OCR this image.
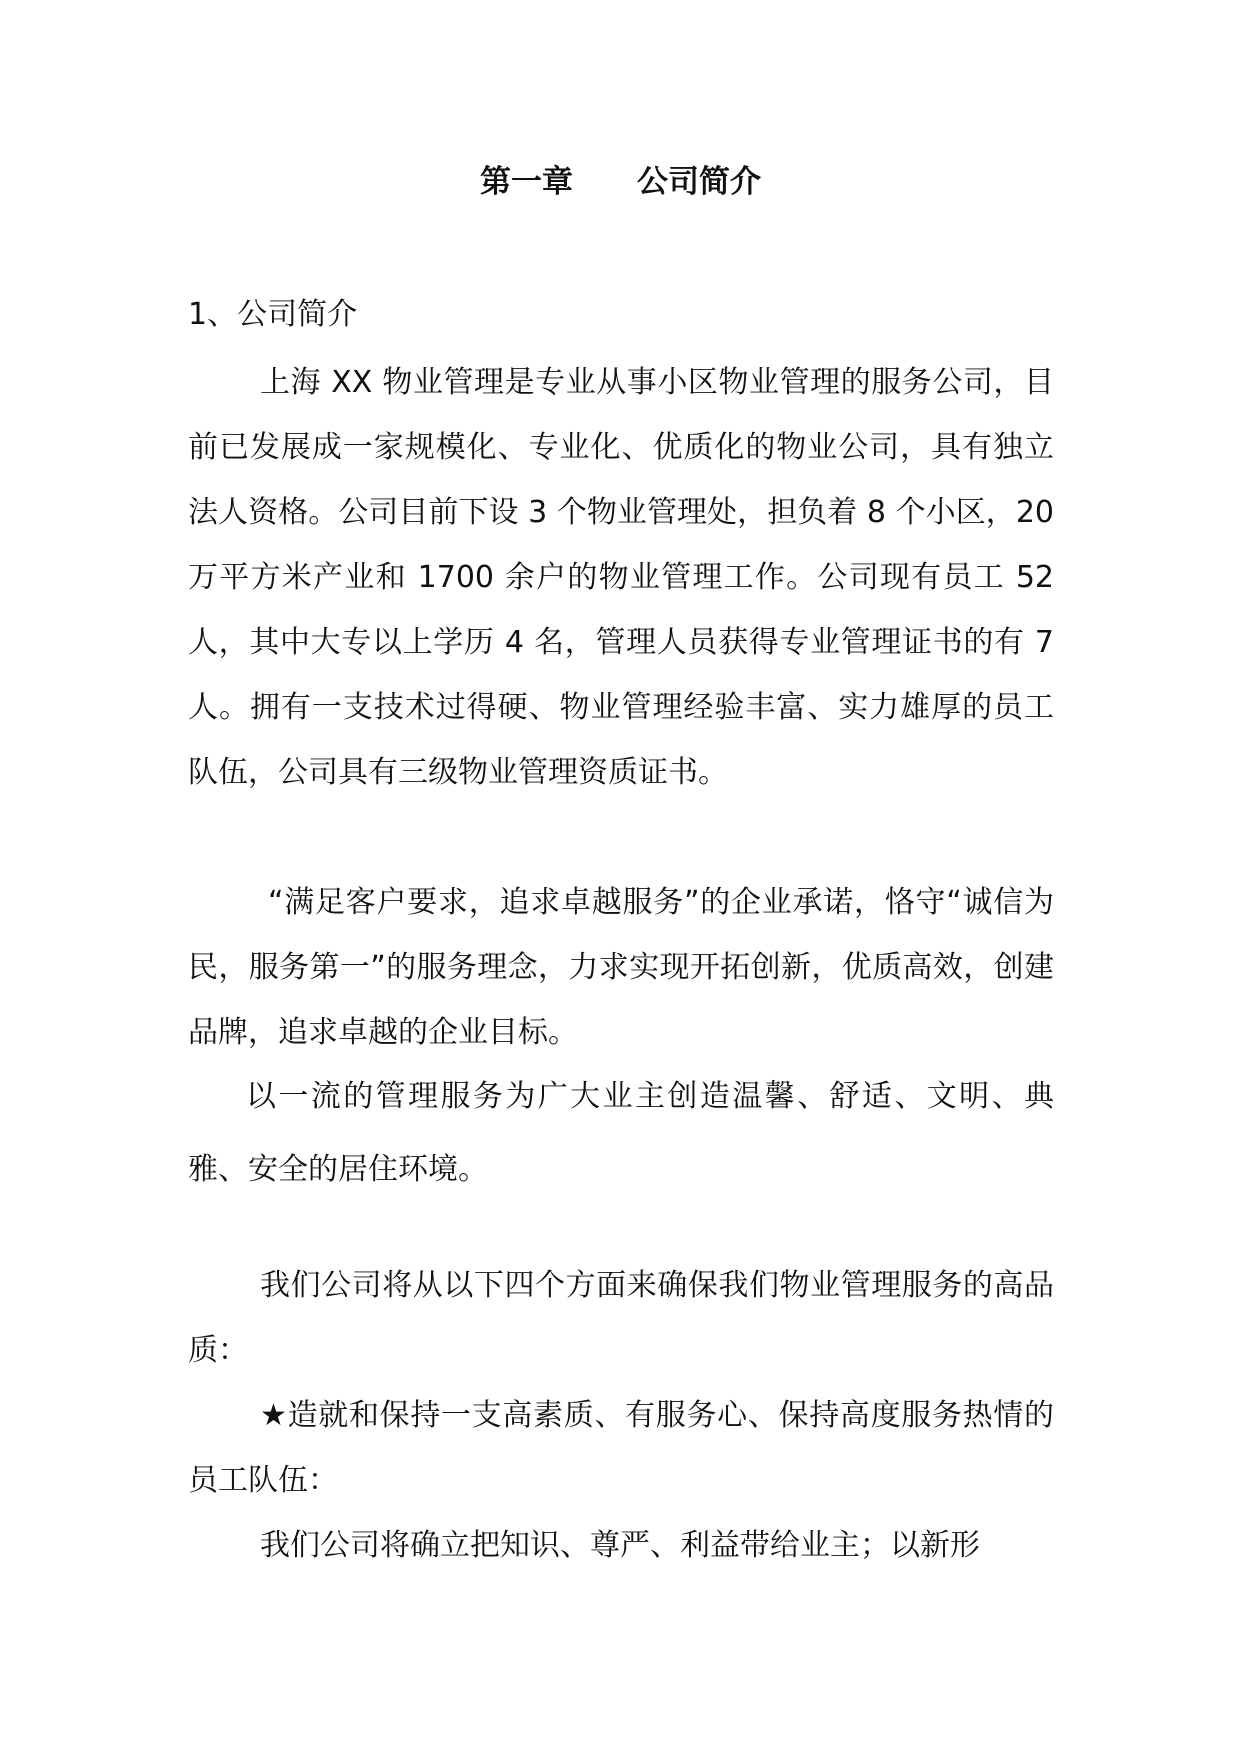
第一章 公司简介
1、公司简介

上海 XX 物业管理是专业从事小区物业管理的服务公司，目前已发展成一家规模化、专业化、优质化的物业公司，具有独立法人资格。公司目前下设 3 个物业管理处，担负着 8 个小区，20 万平方米产业和 1700 余户的物业管理工作。公司现有员工 52 人，其中大专以上学历 4 名，管理人员获得专业管理证书的有 7 人。拥有一支技术过得硬、物业管理经验丰富、实力雄厚的员工队伍，公司具有三级物业管理资质证书。

“满足客户要求，追求卓越服务”的企业承诺，恪守“诚信为民，服务第一”的服务理念，力求实现开拓创新，优质高效，创建品牌，追求卓越的企业目标。

以一流的管理服务为广大业主创造温馨、舒适、文明、典雅、安全的居住环境。

我们公司将从以下四个方面来确保我们物业管理服务的高品质：

★造就和保持一支高素质、有服务心、保持高度服务热情的员工队伍：

我们公司将确立把知识、尊严、利益带给业主；以新形
